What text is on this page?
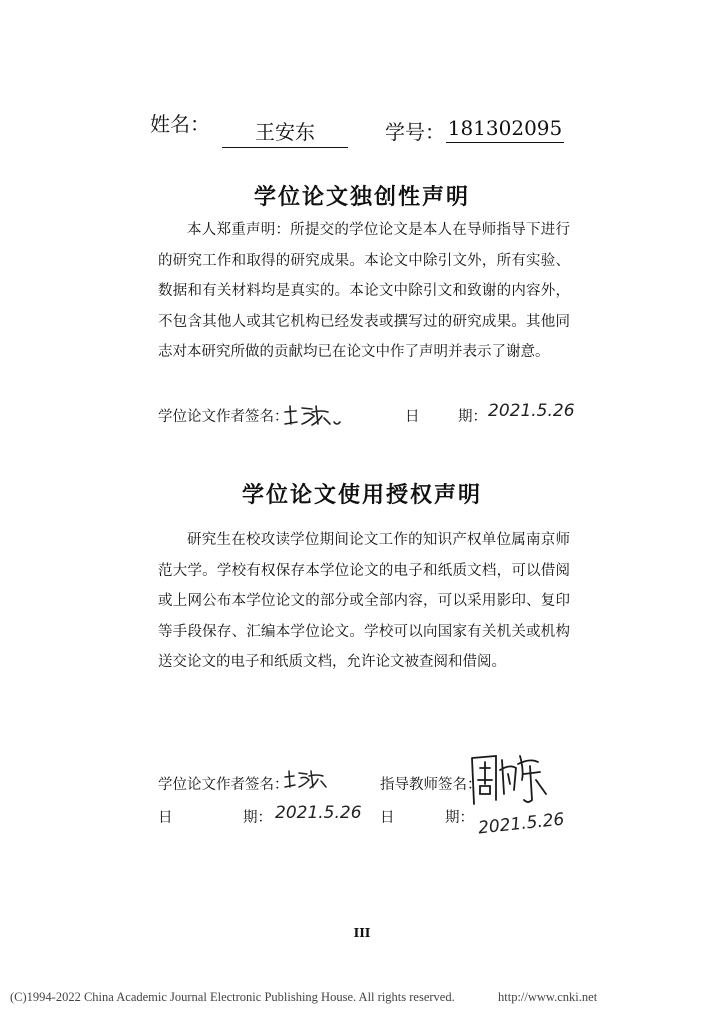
姓名：	王安东	学号： 181302095
学位论文独创性声明
本人郑重声明：所提交的学位论文是本人在导师指导下进行的研究工作和取得的研究成果。本论文中除引文外，所有实验、数据和有关材料均是真实的。本论文中除引文和致谢的内容外，不包含其他人或其它机构已经发表或撰写过的研究成果。其他同志对本研究所做的贡献均已在论文中作了声明并表示了谢意。
学位论文作者签名：	日	期： 2021.5.26
学位论文使用授权声明
研究生在校攻读学位期间论文工作的知识产权单位属南京师范大学。学校有权保存本学位论文的电子和纸质文档，可以借阅或上网公布本学位论文的部分或全部内容，可以采用影印、复印等手段保存、汇编本学位论文。学校可以向国家有关机关或机构送交论文的电子和纸质文档，允许论文被查阅和借阅。
学位论文作者签名：	指导教师签名：
日	期： 2021.5.26 日	期： 2021.5.26
III
(C)1994-2022 China Academic Journal Electronic Publishing House. All rights reserved.	http://www.cnki.net
